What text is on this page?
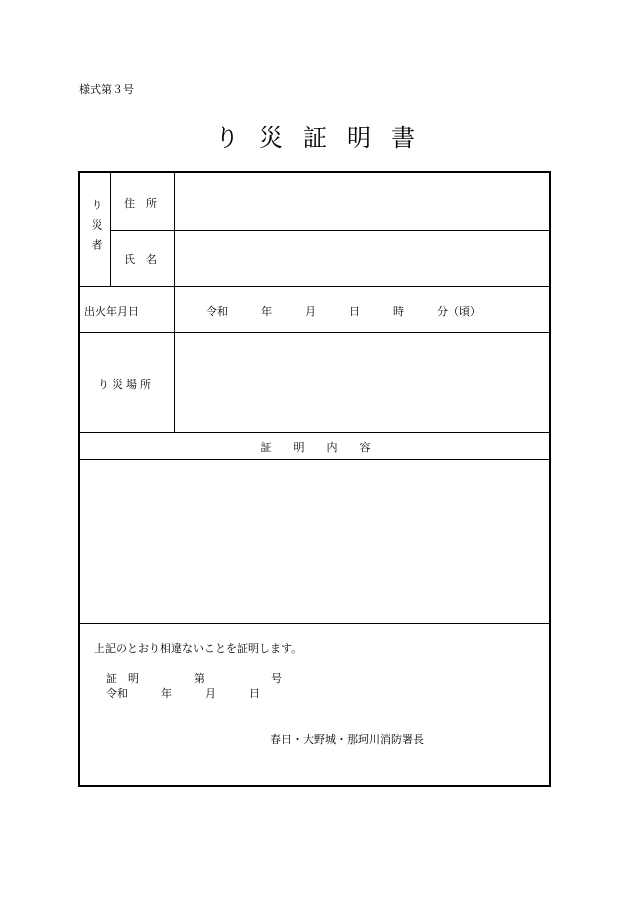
様式第３号
り災証明書
り災者 住　所
氏　名
出火年月日	令和　　　年　　　月　　　日　　　時　　　分（頃）
り災場所
証　　明　　内　　容
上記のとおり相違ないことを証明します。
証　明　　　　　第　　　　　　号
令和　　　年　　　月　　　日
春日・大野城・那珂川消防署長
